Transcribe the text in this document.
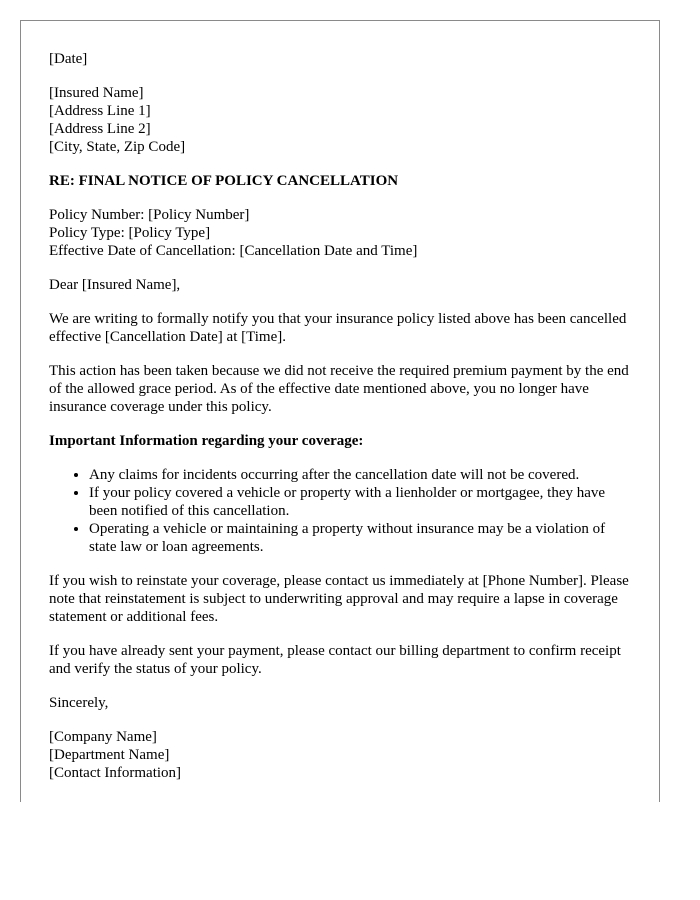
[Date]

[Insured Name]
[Address Line 1]
[Address Line 2]
[City, State, Zip Code]

RE: FINAL NOTICE OF POLICY CANCELLATION

Policy Number: [Policy Number]
Policy Type: [Policy Type]
Effective Date of Cancellation: [Cancellation Date and Time]

Dear [Insured Name],

We are writing to formally notify you that your insurance policy listed above has been cancelled effective [Cancellation Date] at [Time].

This action has been taken because we did not receive the required premium payment by the end of the allowed grace period. As of the effective date mentioned above, you no longer have insurance coverage under this policy.

Important Information regarding your coverage:

• Any claims for incidents occurring after the cancellation date will not be covered.
• If your policy covered a vehicle or property with a lienholder or mortgagee, they have been notified of this cancellation.
• Operating a vehicle or maintaining a property without insurance may be a violation of state law or loan agreements.

If you wish to reinstate your coverage, please contact us immediately at [Phone Number]. Please note that reinstatement is subject to underwriting approval and may require a lapse in coverage statement or additional fees.

If you have already sent your payment, please contact our billing department to confirm receipt and verify the status of your policy.

Sincerely,

[Company Name]
[Department Name]
[Contact Information]
